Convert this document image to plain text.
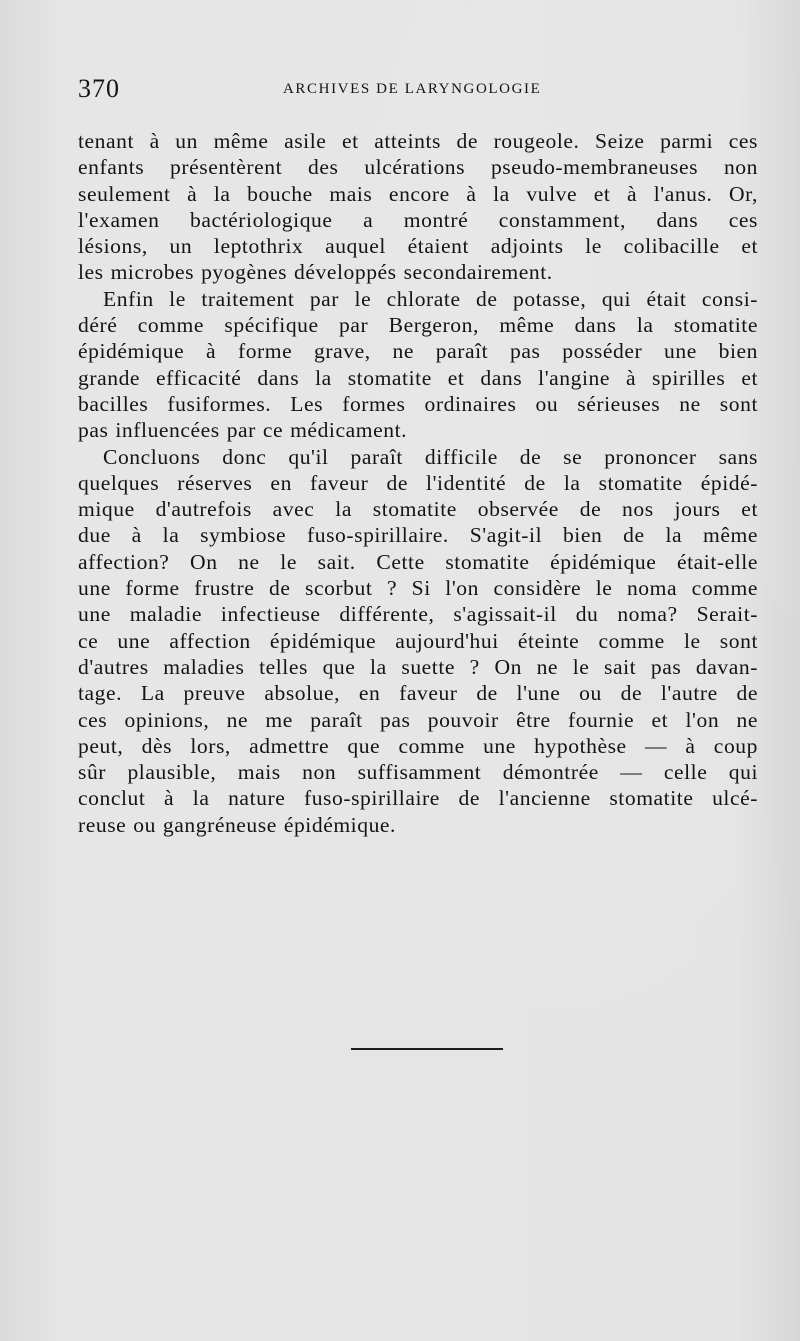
370	ARCHIVES DE LARYNGOLOGIE
tenant à un même asile et atteints de rougeole. Seize parmi ces
enfants présentèrent des ulcérations pseudo-membraneuses non
seulement à la bouche mais encore à la vulve et à l'anus. Or,
l'examen bactériologique a montré constamment, dans ces
lésions, un leptothrix auquel étaient adjoints le colibacille et
les microbes pyogènes développés secondairement.
Enfin le traitement par le chlorate de potasse, qui était consi-
déré comme spécifique par Bergeron, même dans la stomatite
épidémique à forme grave, ne paraît pas posséder une bien
grande efficacité dans la stomatite et dans l'angine à spirilles et
bacilles fusiformes. Les formes ordinaires ou sérieuses ne sont
pas influencées par ce médicament.
Concluons donc qu'il paraît difficile de se prononcer sans
quelques réserves en faveur de l'identité de la stomatite épidé-
mique d'autrefois avec la stomatite observée de nos jours et
due à la symbiose fuso-spirillaire. S'agit-il bien de la même
affection? On ne le sait. Cette stomatite épidémique était-elle
une forme frustre de scorbut ? Si l'on considère le noma comme
une maladie infectieuse différente, s'agissait-il du noma? Serait-
ce une affection épidémique aujourd'hui éteinte comme le sont
d'autres maladies telles que la suette ? On ne le sait pas davan-
tage. La preuve absolue, en faveur de l'une ou de l'autre de
ces opinions, ne me paraît pas pouvoir être fournie et l'on ne
peut, dès lors, admettre que comme une hypothèse — à coup
sûr plausible, mais non suffisamment démontrée — celle qui
conclut à la nature fuso-spirillaire de l'ancienne stomatite ulcé-
reuse ou gangréneuse épidémique.
